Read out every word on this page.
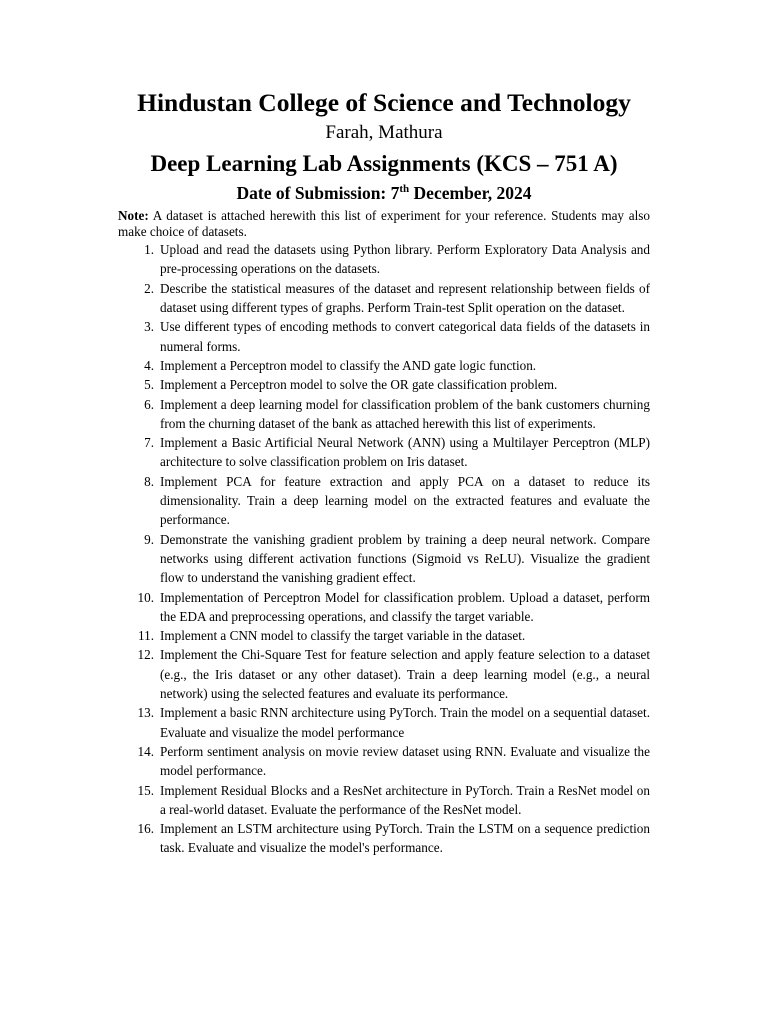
Hindustan College of Science and Technology
Farah, Mathura
Deep Learning Lab Assignments (KCS – 751 A)
Date of Submission: 7th December, 2024

Note: A dataset is attached herewith this list of experiment for your reference. Students may also make choice of datasets.

1. Upload and read the datasets using Python library. Perform Exploratory Data Analysis and pre-processing operations on the datasets.
2. Describe the statistical measures of the dataset and represent relationship between fields of dataset using different types of graphs. Perform Train-test Split operation on the dataset.
3. Use different types of encoding methods to convert categorical data fields of the datasets in numeral forms.
4. Implement a Perceptron model to classify the AND gate logic function.
5. Implement a Perceptron model to solve the OR gate classification problem.
6. Implement a deep learning model for classification problem of the bank customers churning from the churning dataset of the bank as attached herewith this list of experiments.
7. Implement a Basic Artificial Neural Network (ANN) using a Multilayer Perceptron (MLP) architecture to solve classification problem on Iris dataset.
8. Implement PCA for feature extraction and apply PCA on a dataset to reduce its dimensionality. Train a deep learning model on the extracted features and evaluate the performance.
9. Demonstrate the vanishing gradient problem by training a deep neural network. Compare networks using different activation functions (Sigmoid vs ReLU). Visualize the gradient flow to understand the vanishing gradient effect.
10. Implementation of Perceptron Model for classification problem. Upload a dataset, perform the EDA and preprocessing operations, and classify the target variable.
11. Implement a CNN model to classify the target variable in the dataset.
12. Implement the Chi-Square Test for feature selection and apply feature selection to a dataset (e.g., the Iris dataset or any other dataset). Train a deep learning model (e.g., a neural network) using the selected features and evaluate its performance.
13. Implement a basic RNN architecture using PyTorch. Train the model on a sequential dataset. Evaluate and visualize the model performance
14. Perform sentiment analysis on movie review dataset using RNN. Evaluate and visualize the model performance.
15. Implement Residual Blocks and a ResNet architecture in PyTorch. Train a ResNet model on a real-world dataset. Evaluate the performance of the ResNet model.
16. Implement an LSTM architecture using PyTorch. Train the LSTM on a sequence prediction task. Evaluate and visualize the model's performance.
